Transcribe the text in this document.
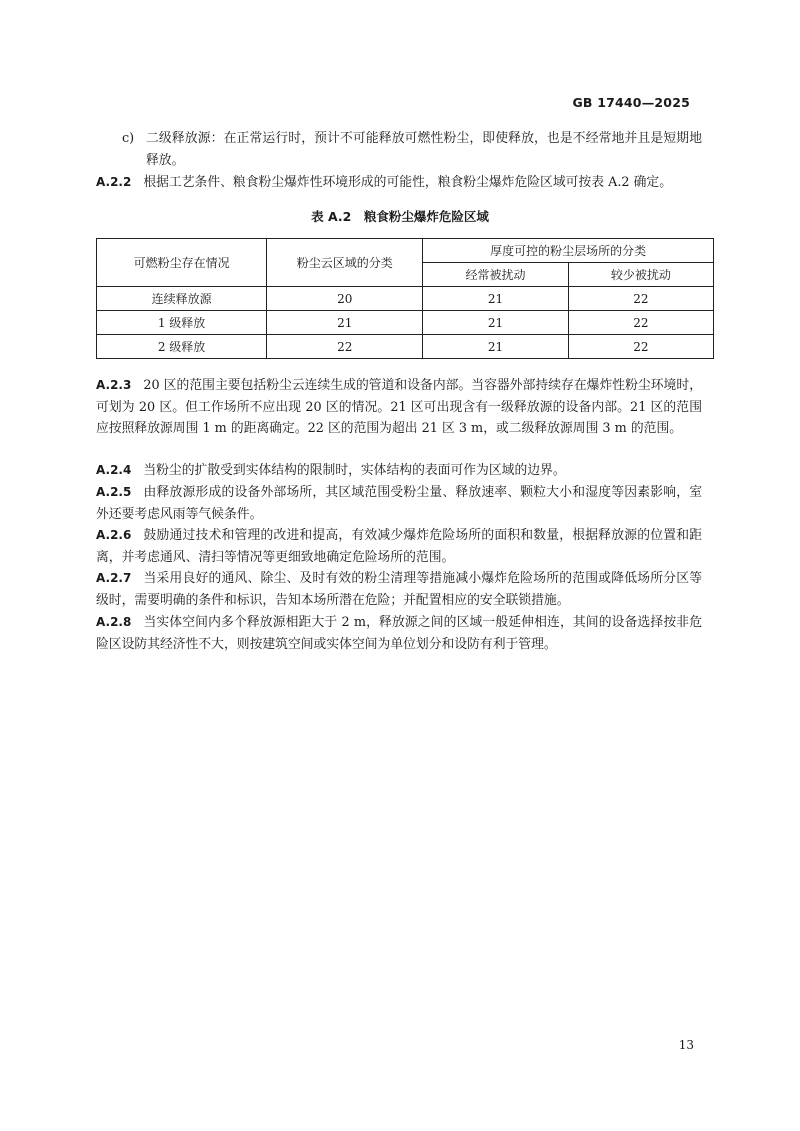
GB 17440—2025
c) 二级释放源：在正常运行时，预计不可能释放可燃性粉尘，即使释放，也是不经常地并且是短期地释放。
A.2.2 根据工艺条件、粮食粉尘爆炸性环境形成的可能性，粮食粉尘爆炸危险区域可按表 A.2 确定。
表 A.2　粮食粉尘爆炸危险区域
可燃粉尘存在情况	粉尘云区域的分类	厚度可控的粉尘层场所的分类	
		经常被扰动	较少被扰动
连续释放源	20	21	22
1 级释放	21	21	22
2 级释放	22	21	22
A.2.3 20 区的范围主要包括粉尘云连续生成的管道和设备内部。当容器外部持续存在爆炸性粉尘环境时，可划为 20 区。但工作场所不应出现 20 区的情况。21 区可出现含有一级释放源的设备内部。21 区的范围应按照释放源周围 1 m 的距离确定。22 区的范围为超出 21 区 3 m，或二级释放源周围 3 m 的范围。
A.2.4 当粉尘的扩散受到实体结构的限制时，实体结构的表面可作为区域的边界。
A.2.5 由释放源形成的设备外部场所，其区域范围受粉尘量、释放速率、颗粒大小和湿度等因素影响，室外还要考虑风雨等气候条件。
A.2.6 鼓励通过技术和管理的改进和提高，有效减少爆炸危险场所的面积和数量，根据释放源的位置和距离，并考虑通风、清扫等情况等更细致地确定危险场所的范围。
A.2.7 当采用良好的通风、除尘、及时有效的粉尘清理等措施减小爆炸危险场所的范围或降低场所分区等级时，需要明确的条件和标识，告知本场所潜在危险；并配置相应的安全联锁措施。
A.2.8 当实体空间内多个释放源相距大于 2 m，释放源之间的区域一般延伸相连，其间的设备选择按非危险区设防其经济性不大，则按建筑空间或实体空间为单位划分和设防有利于管理。
13
